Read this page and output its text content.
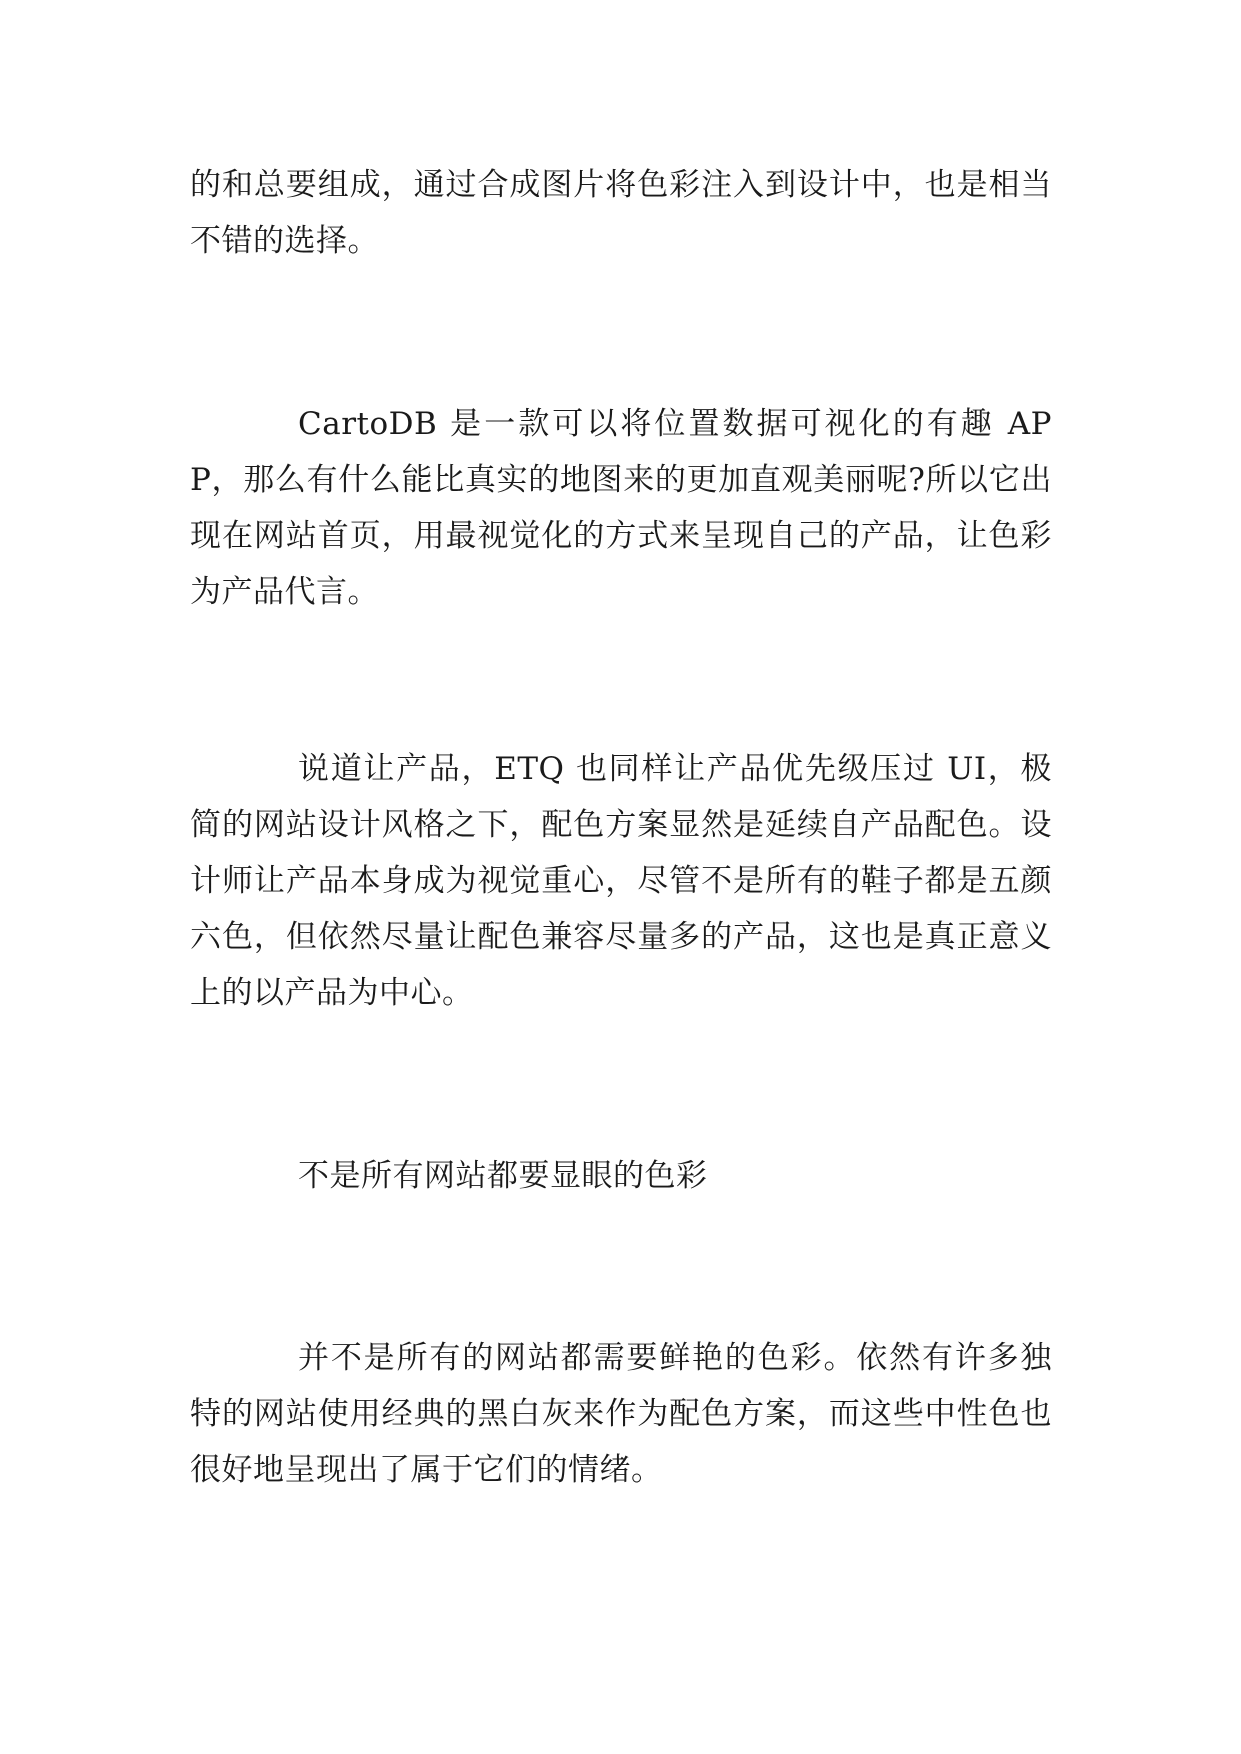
的和总要组成，通过合成图片将色彩注入到设计中，也是相当不错的选择。

CartoDB 是一款可以将位置数据可视化的有趣 APP，那么有什么能比真实的地图来的更加直观美丽呢?所以它出现在网站首页，用最视觉化的方式来呈现自己的产品，让色彩为产品代言。

说道让产品，ETQ 也同样让产品优先级压过 UI，极简的网站设计风格之下，配色方案显然是延续自产品配色。设计师让产品本身成为视觉重心，尽管不是所有的鞋子都是五颜六色，但依然尽量让配色兼容尽量多的产品，这也是真正意义上的以产品为中心。

不是所有网站都要显眼的色彩

并不是所有的网站都需要鲜艳的色彩。依然有许多独特的网站使用经典的黑白灰来作为配色方案，而这些中性色也很好地呈现出了属于它们的情绪。
